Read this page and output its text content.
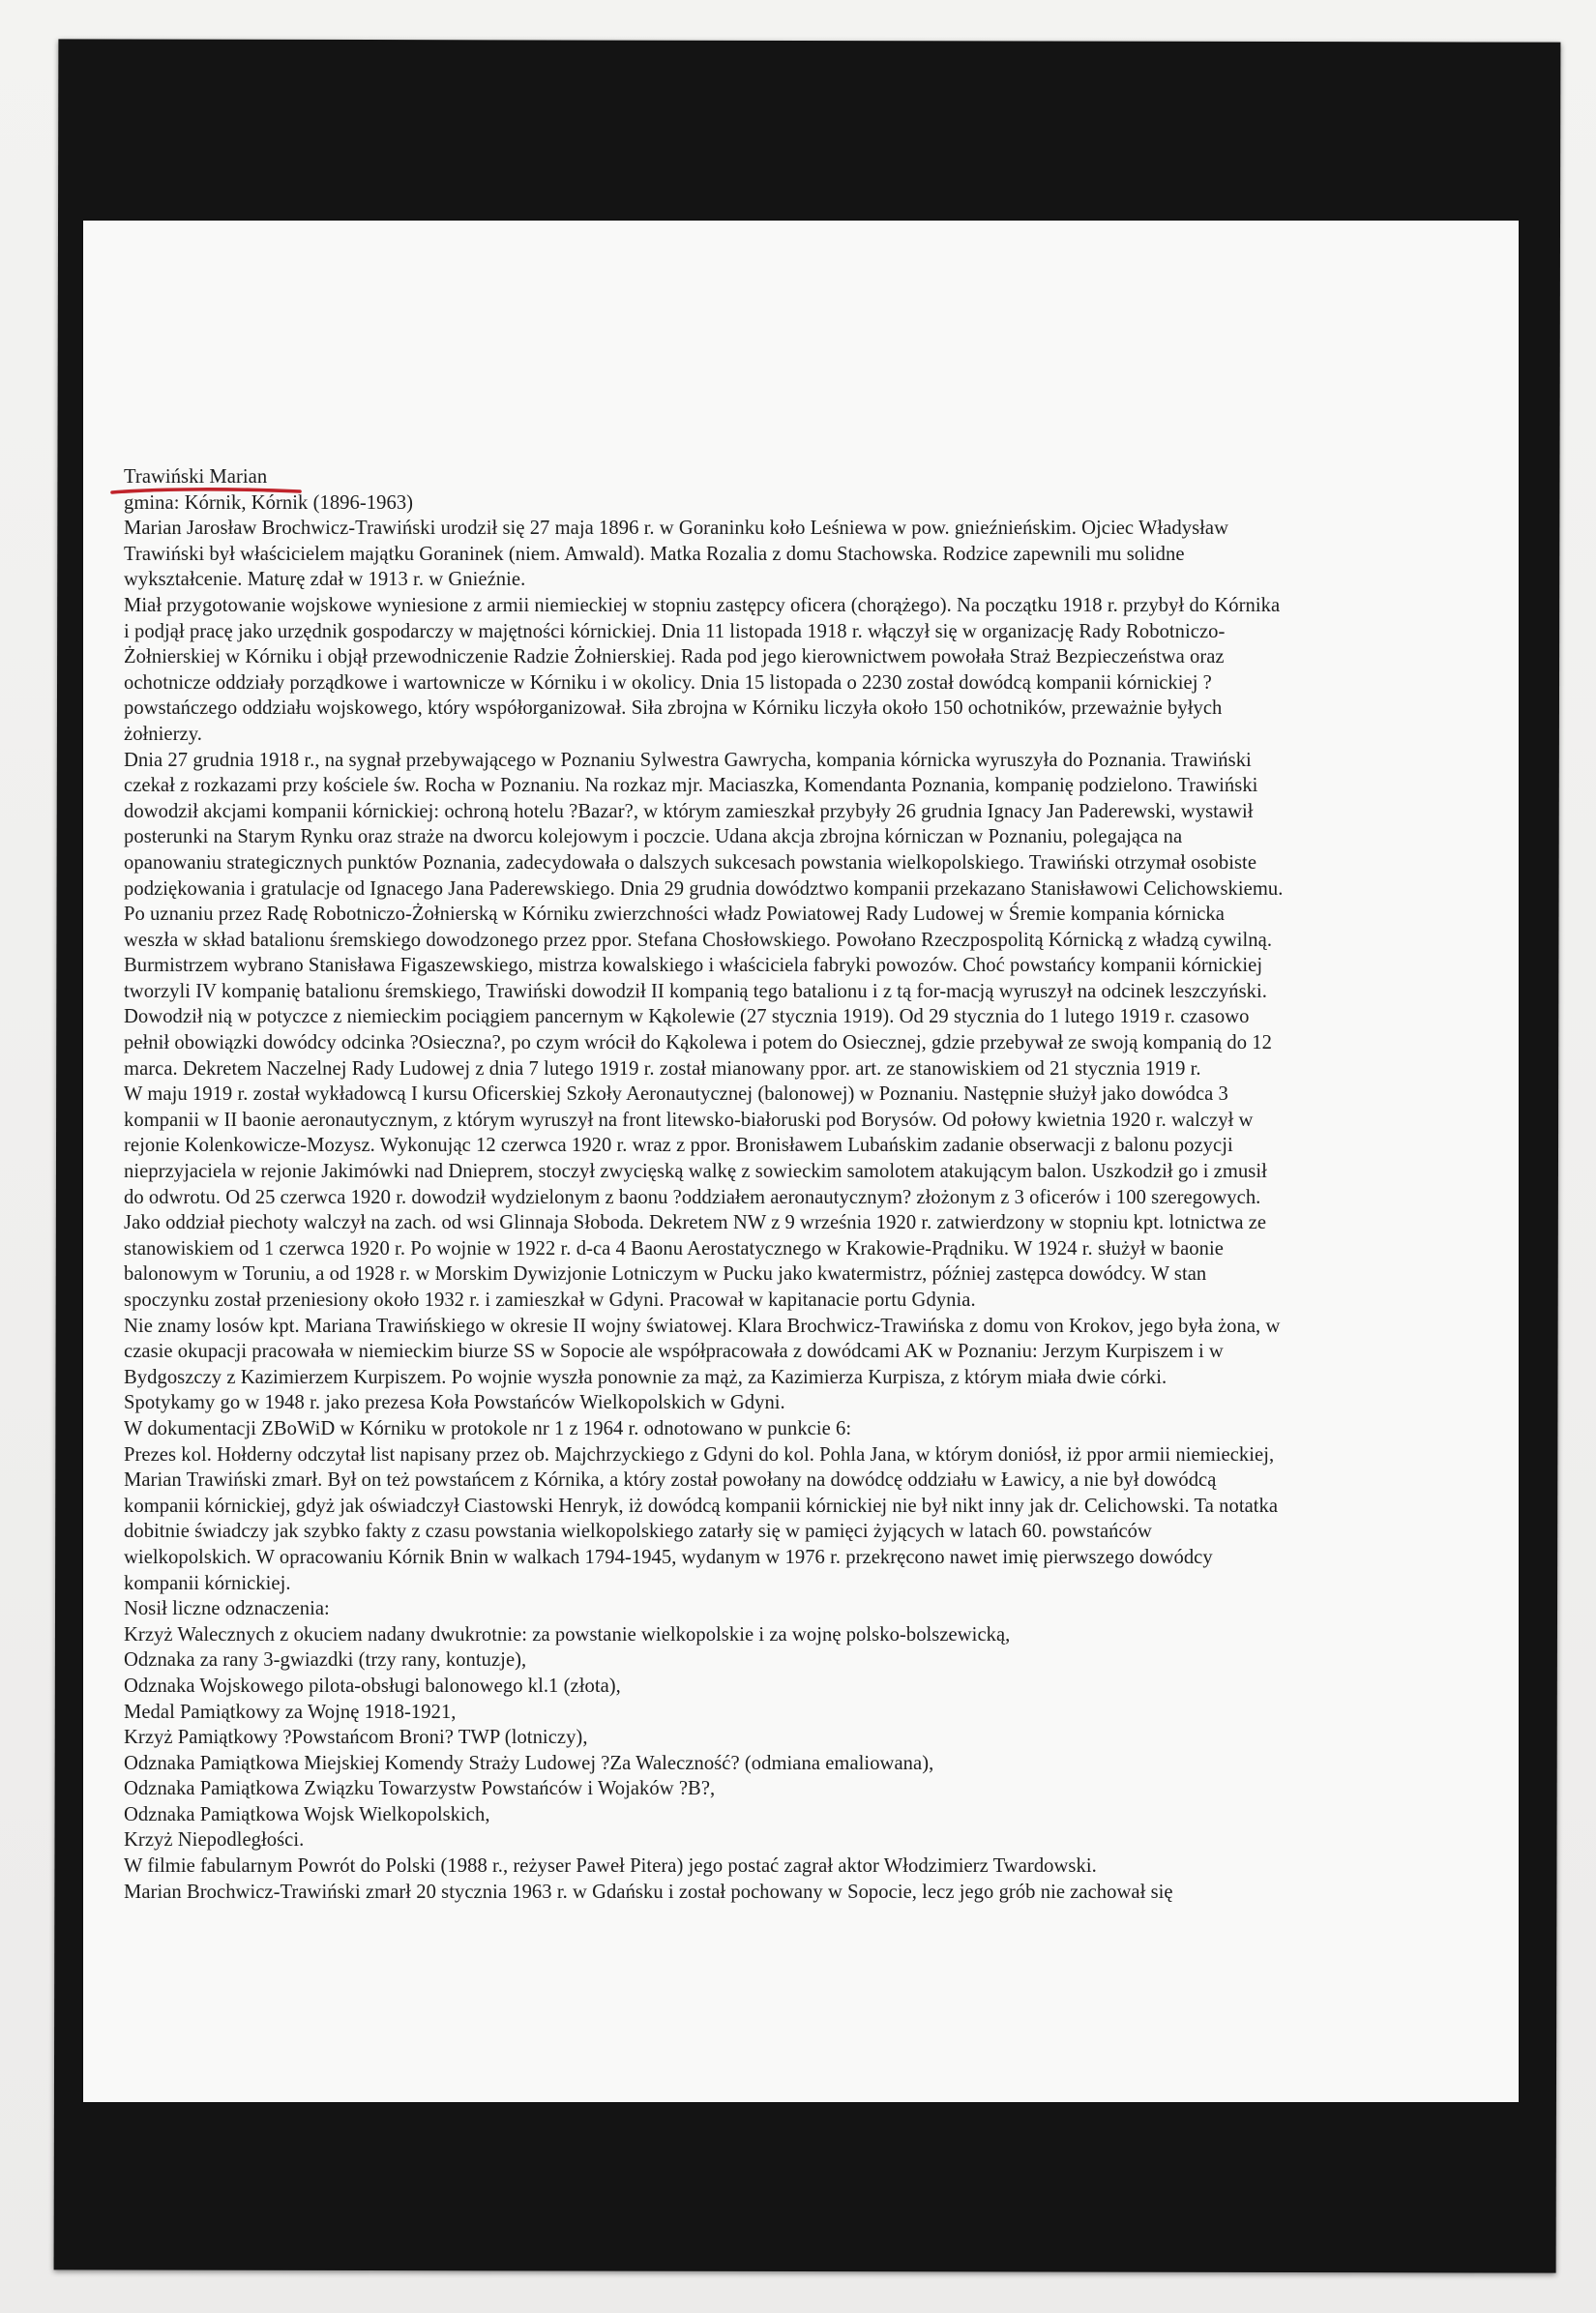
Trawiński Marian
gmina: Kórnik, Kórnik (1896-1963)
Marian Jarosław Brochwicz-Trawiński urodził się 27 maja 1896 r. w Goraninku koło Leśniewa w pow. gnieźnieńskim. Ojciec Władysław
Trawiński był właścicielem majątku Goraninek (niem. Amwald). Matka Rozalia z domu Stachowska. Rodzice zapewnili mu solidne
wykształcenie. Maturę zdał w 1913 r. w Gnieźnie.
Miał przygotowanie wojskowe wyniesione z armii niemieckiej w stopniu zastępcy oficera (chorążego). Na początku 1918 r. przybył do Kórnika
i podjął pracę jako urzędnik gospodarczy w majętności kórnickiej. Dnia 11 listopada 1918 r. włączył się w organizację Rady Robotniczo-
Żołnierskiej w Kórniku i objął przewodniczenie Radzie Żołnierskiej. Rada pod jego kierownictwem powołała Straż Bezpieczeństwa oraz
ochotnicze oddziały porządkowe i wartownicze w Kórniku i w okolicy. Dnia 15 listopada o 2230 został dowódcą kompanii kórnickiej ?
powstańczego oddziału wojskowego, który współorganizował. Siła zbrojna w Kórniku liczyła około 150 ochotników, przeważnie byłych
żołnierzy.
Dnia 27 grudnia 1918 r., na sygnał przebywającego w Poznaniu Sylwestra Gawrycha, kompania kórnicka wyruszyła do Poznania. Trawiński
czekał z rozkazami przy kościele św. Rocha w Poznaniu. Na rozkaz mjr. Maciaszka, Komendanta Poznania, kompanię podzielono. Trawiński
dowodził akcjami kompanii kórnickiej: ochroną hotelu ?Bazar?, w którym zamieszkał przybyły 26 grudnia Ignacy Jan Paderewski, wystawił
posterunki na Starym Rynku oraz straże na dworcu kolejowym i poczcie. Udana akcja zbrojna kórniczan w Poznaniu, polegająca na
opanowaniu strategicznych punktów Poznania, zadecydowała o dalszych sukcesach powstania wielkopolskiego. Trawiński otrzymał osobiste
podziękowania i gratulacje od Ignacego Jana Paderewskiego. Dnia 29 grudnia dowództwo kompanii przekazano Stanisławowi Celichowskiemu.
Po uznaniu przez Radę Robotniczo-Żołnierską w Kórniku zwierzchności władz Powiatowej Rady Ludowej w Śremie kompania kórnicka
weszła w skład batalionu śremskiego dowodzonego przez ppor. Stefana Chosłowskiego. Powołano Rzeczpospolitą Kórnicką z władzą cywilną.
Burmistrzem wybrano Stanisława Figaszewskiego, mistrza kowalskiego i właściciela fabryki powozów. Choć powstańcy kompanii kórnickiej
tworzyli IV kompanię batalionu śremskiego, Trawiński dowodził II kompanią tego batalionu i z tą for-macją wyruszył na odcinek leszczyński.
Dowodził nią w potyczce z niemieckim pociągiem pancernym w Kąkolewie (27 stycznia 1919). Od 29 stycznia do 1 lutego 1919 r. czasowo
pełnił obowiązki dowódcy odcinka ?Osieczna?, po czym wrócił do Kąkolewa i potem do Osiecznej, gdzie przebywał ze swoją kompanią do 12
marca. Dekretem Naczelnej Rady Ludowej z dnia 7 lutego 1919 r. został mianowany ppor. art. ze stanowiskiem od 21 stycznia 1919 r.
W maju 1919 r. został wykładowcą I kursu Oficerskiej Szkoły Aeronautycznej (balonowej) w Poznaniu. Następnie służył jako dowódca 3
kompanii w II baonie aeronautycznym, z którym wyruszył na front litewsko-białoruski pod Borysów. Od połowy kwietnia 1920 r. walczył w
rejonie Kolenkowicze-Mozysz. Wykonując 12 czerwca 1920 r. wraz z ppor. Bronisławem Lubańskim zadanie obserwacji z balonu pozycji
nieprzyjaciela w rejonie Jakimówki nad Dnieprem, stoczył zwycięską walkę z sowieckim samolotem atakującym balon. Uszkodził go i zmusił
do odwrotu. Od 25 czerwca 1920 r. dowodził wydzielonym z baonu ?oddziałem aeronautycznym? złożonym z 3 oficerów i 100 szeregowych.
Jako oddział piechoty walczył na zach. od wsi Glinnaja Słoboda. Dekretem NW z 9 września 1920 r. zatwierdzony w stopniu kpt. lotnictwa ze
stanowiskiem od 1 czerwca 1920 r. Po wojnie w 1922 r. d-ca 4 Baonu Aerostatycznego w Krakowie-Prądniku. W 1924 r. służył w baonie
balonowym w Toruniu, a od 1928 r. w Morskim Dywizjonie Lotniczym w Pucku jako kwatermistrz, później zastępca dowódcy. W stan
spoczynku został przeniesiony około 1932 r. i zamieszkał w Gdyni. Pracował w kapitanacie portu Gdynia.
Nie znamy losów kpt. Mariana Trawińskiego w okresie II wojny światowej. Klara Brochwicz-Trawińska z domu von Krokov, jego była żona, w
czasie okupacji pracowała w niemieckim biurze SS w Sopocie ale współpracowała z dowódcami AK w Poznaniu: Jerzym Kurpiszem i w
Bydgoszczy z Kazimierzem Kurpiszem. Po wojnie wyszła ponownie za mąż, za Kazimierza Kurpisza, z którym miała dwie córki.
Spotykamy go w 1948 r. jako prezesa Koła Powstańców Wielkopolskich w Gdyni.
W dokumentacji ZBoWiD w Kórniku w protokole nr 1 z 1964 r. odnotowano w punkcie 6:
Prezes kol. Hołderny odczytał list napisany przez ob. Majchrzyckiego z Gdyni do kol. Pohla Jana, w którym doniósł, iż ppor armii niemieckiej,
Marian Trawiński zmarł. Był on też powstańcem z Kórnika, a który został powołany na dowódcę oddziału w Ławicy, a nie był dowódcą
kompanii kórnickiej, gdyż jak oświadczył Ciastowski Henryk, iż dowódcą kompanii kórnickiej nie był nikt inny jak dr. Celichowski. Ta notatka
dobitnie świadczy jak szybko fakty z czasu powstania wielkopolskiego zatarły się w pamięci żyjących w latach 60. powstańców
wielkopolskich. W opracowaniu Kórnik Bnin w walkach 1794-1945, wydanym w 1976 r. przekręcono nawet imię pierwszego dowódcy
kompanii kórnickiej.
Nosił liczne odznaczenia:
Krzyż Walecznych z okuciem nadany dwukrotnie: za powstanie wielkopolskie i za wojnę polsko-bolszewicką,
Odznaka za rany 3-gwiazdki (trzy rany, kontuzje),
Odznaka Wojskowego pilota-obsługi balonowego kl.1 (złota),
Medal Pamiątkowy za Wojnę 1918-1921,
Krzyż Pamiątkowy ?Powstańcom Broni? TWP (lotniczy),
Odznaka Pamiątkowa Miejskiej Komendy Straży Ludowej ?Za Waleczność? (odmiana emaliowana),
Odznaka Pamiątkowa Związku Towarzystw Powstańców i Wojaków ?B?,
Odznaka Pamiątkowa Wojsk Wielkopolskich,
Krzyż Niepodległości.
W filmie fabularnym Powrót do Polski (1988 r., reżyser Paweł Pitera) jego postać zagrał aktor Włodzimierz Twardowski.
Marian Brochwicz-Trawiński zmarł 20 stycznia 1963 r. w Gdańsku i został pochowany w Sopocie, lecz jego grób nie zachował się
